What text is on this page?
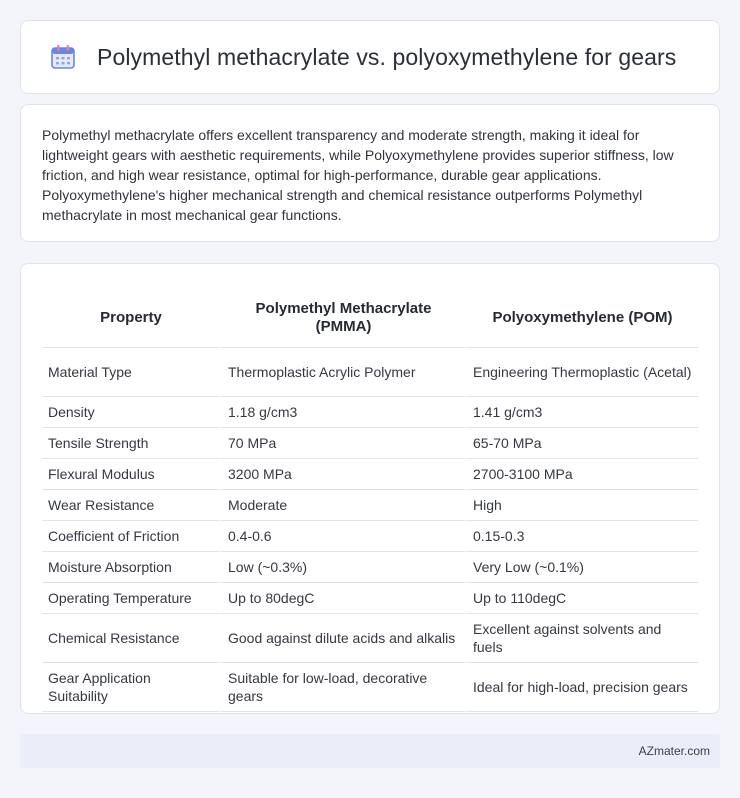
Polymethyl methacrylate vs. polyoxymethylene for gears

Polymethyl methacrylate offers excellent transparency and moderate strength, making it ideal for lightweight gears with aesthetic requirements, while Polyoxymethylene provides superior stiffness, low friction, and high wear resistance, optimal for high-performance, durable gear applications. Polyoxymethylene's higher mechanical strength and chemical resistance outperforms Polymethyl methacrylate in most mechanical gear functions.

Property	Polymethyl Methacrylate (PMMA)	Polyoxymethylene (POM)
Material Type	Thermoplastic Acrylic Polymer	Engineering Thermoplastic (Acetal)
Density	1.18 g/cm3	1.41 g/cm3
Tensile Strength	70 MPa	65-70 MPa
Flexural Modulus	3200 MPa	2700-3100 MPa
Wear Resistance	Moderate	High
Coefficient of Friction	0.4-0.6	0.15-0.3
Moisture Absorption	Low (~0.3%)	Very Low (~0.1%)
Operating Temperature	Up to 80degC	Up to 110degC
Chemical Resistance	Good against dilute acids and alkalis	Excellent against solvents and fuels
Gear Application Suitability	Suitable for low-load, decorative gears	Ideal for high-load, precision gears
AZmater.com
